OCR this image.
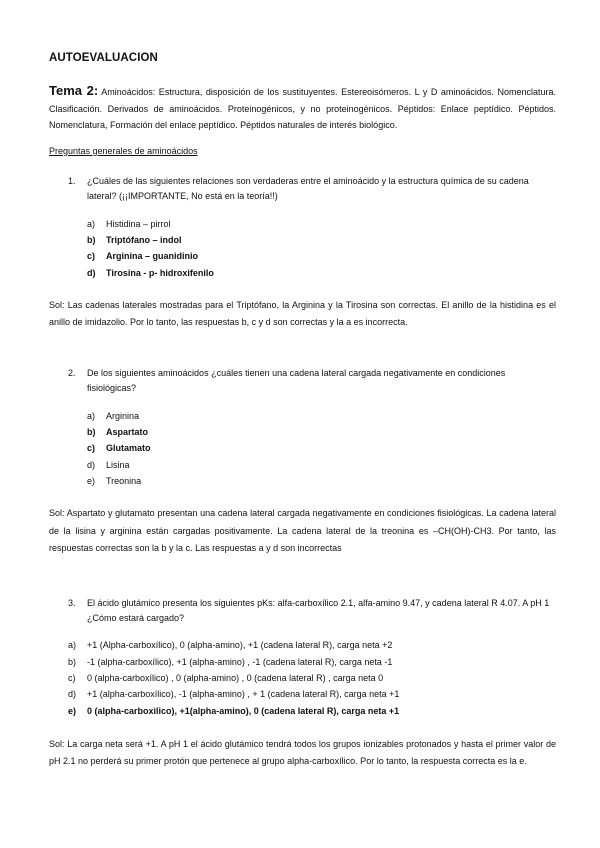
AUTOEVALUACION

Tema 2: Aminoácidos: Estructura, disposición de los sustituyentes. Estereoisómeros. L y D aminoácidos. Nomenclatura. Clasificación. Derivados de aminoácidos. Proteinogénicos, y no proteinogénicos. Péptidos: Enlace peptídico. Péptidos. Nomenclatura, Formación del enlace peptídico. Péptidos naturales de interés biológico.

Preguntas generales de aminoácidos
1. ¿Cuáles de las siguientes relaciones son verdaderas entre el aminoácido y la estructura química de su cadena lateral? (¡¡IMPORTANTE, No está en la teoría!!)
a) Histidina – pirrol
b) Triptófano – indol
c) Arginina – guanidinio
d) Tirosina - p- hidroxifenilo

Sol: Las cadenas laterales mostradas para el Triptófano, la Arginina y la Tirosina son correctas. El anillo de la histidina es el anillo de imidazolio. Por lo tanto, las respuestas b, c y d son correctas y la a es incorrecta.

2. De los siguientes aminoácidos ¿cuáles tienen una cadena lateral cargada negativamente en condiciones fisiológicas?
a) Arginina
b) Aspartato
c) Glutamato
d) Lisina
e) Treonina

Sol: Aspartato y glutamato presentan una cadena lateral cargada negativamente en condiciones fisiológicas. La cadena lateral de la lisina y arginina están cargadas positivamente. La cadena lateral de la treonina es –CH(OH)-CH3. Por tanto, las respuestas correctas son la b y la c. Las respuestas a y d son incorrectas

3. El ácido glutámico presenta los siguientes pKs: alfa-carboxílico 2.1, alfa-amino 9.47, y cadena lateral R 4.07. A pH 1 ¿Cómo estará cargado?
a) +1 (Alpha-carboxílico), 0 (alpha-amino), +1 (cadena lateral R), carga neta +2
b) -1 (alpha-carboxílico), +1 (alpha-amino) , -1 (cadena lateral R), carga neta -1
c) 0 (alpha-carboxílico) , 0 (alpha-amino) , 0 (cadena lateral R) , carga neta 0
d) +1 (alpha-carboxílico), -1 (alpha-amino) , + 1 (cadena lateral R), carga neta +1
e) 0 (alpha-carboxìlico), +1(alpha-amino), 0 (cadena lateral R), carga neta +1

Sol: La carga neta será +1. A pH 1 el ácido glutámico tendrá todos los grupos ionizables protonados y hasta el primer valor de pH 2.1 no perderá su primer protón que pertenece al grupo alpha-carboxílico. Por lo tanto, la respuesta correcta es la e.
